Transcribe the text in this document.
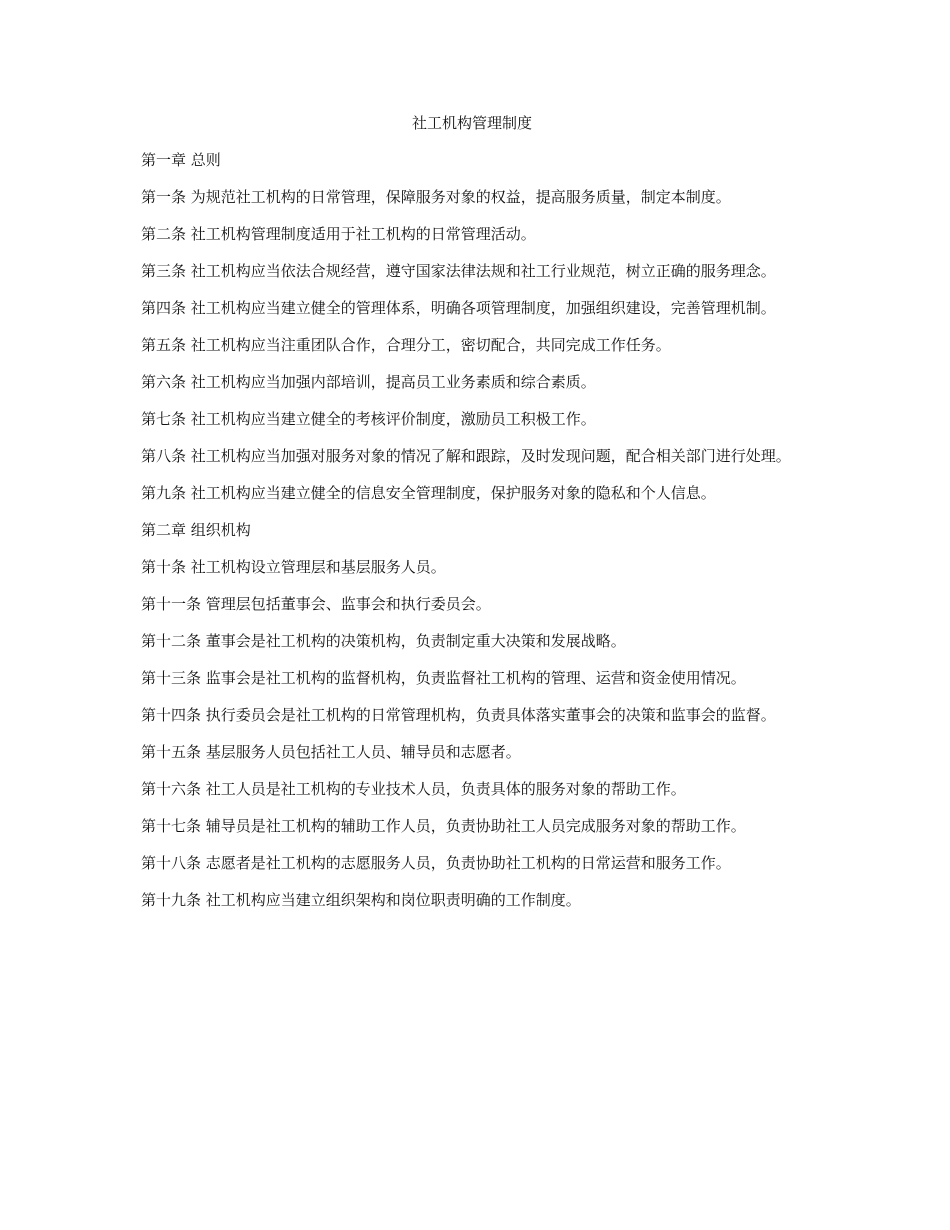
社工机构管理制度
第一章 总则
第一条 为规范社工机构的日常管理，保障服务对象的权益，提高服务质量，制定本制度。
第二条 社工机构管理制度适用于社工机构的日常管理活动。
第三条 社工机构应当依法合规经营，遵守国家法律法规和社工行业规范，树立正确的服务理念。
第四条 社工机构应当建立健全的管理体系，明确各项管理制度，加强组织建设，完善管理机制。
第五条 社工机构应当注重团队合作，合理分工，密切配合，共同完成工作任务。
第六条 社工机构应当加强内部培训，提高员工业务素质和综合素质。
第七条 社工机构应当建立健全的考核评价制度，激励员工积极工作。
第八条 社工机构应当加强对服务对象的情况了解和跟踪，及时发现问题，配合相关部门进行处理。
第九条 社工机构应当建立健全的信息安全管理制度，保护服务对象的隐私和个人信息。
第二章 组织机构
第十条 社工机构设立管理层和基层服务人员。
第十一条 管理层包括董事会、监事会和执行委员会。
第十二条 董事会是社工机构的决策机构，负责制定重大决策和发展战略。
第十三条 监事会是社工机构的监督机构，负责监督社工机构的管理、运营和资金使用情况。
第十四条 执行委员会是社工机构的日常管理机构，负责具体落实董事会的决策和监事会的监督。
第十五条 基层服务人员包括社工人员、辅导员和志愿者。
第十六条 社工人员是社工机构的专业技术人员，负责具体的服务对象的帮助工作。
第十七条 辅导员是社工机构的辅助工作人员，负责协助社工人员完成服务对象的帮助工作。
第十八条 志愿者是社工机构的志愿服务人员，负责协助社工机构的日常运营和服务工作。
第十九条 社工机构应当建立组织架构和岗位职责明确的工作制度。
